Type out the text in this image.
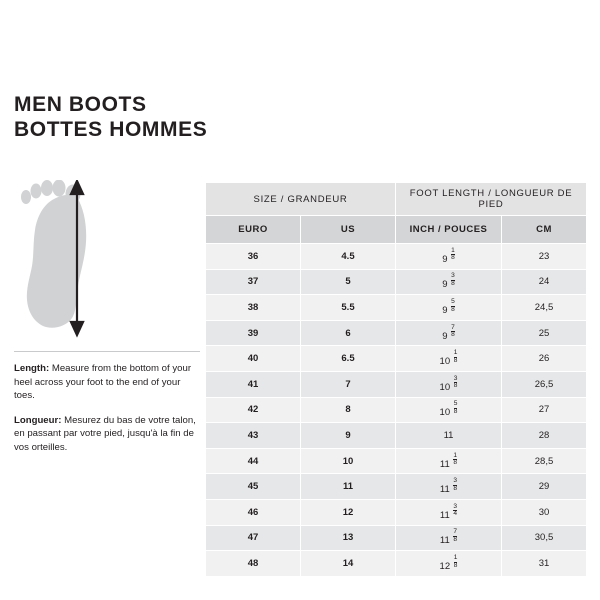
MEN BOOTS
BOTTES HOMMES
Length: Measure from the bottom of your heel across your foot to the end of your toes.
Longueur: Mesurez du bas de votre talon, en passant par votre pied, jusqu'à la fin de vos orteilles.
SIZE / GRANDEUR		FOOT LENGTH / LONGUEUR DE PIED	
EURO	US	INCH / POUCES	CM
36	4.5	$9 \frac{1}{8}$	23
37	5	$9 \frac{3}{8}$	24
38	5.5	$9 \frac{5}{8}$	24,5
39	6	$9 \frac{7}{8}$	25
40	6.5	$10 \frac{1}{8}$	26
41	7	$10 \frac{3}{8}$	26,5
42	8	$10 \frac{5}{8}$	27
43	9	11	28
44	10	$11 \frac{1}{8}$	28,5
45	11	$11 \frac{3}{8}$	29
46	12	$11 \frac{3}{4}$	30
47	13	$11 \frac{7}{8}$	30,5
48	14	$12 \frac{1}{8}$	31
